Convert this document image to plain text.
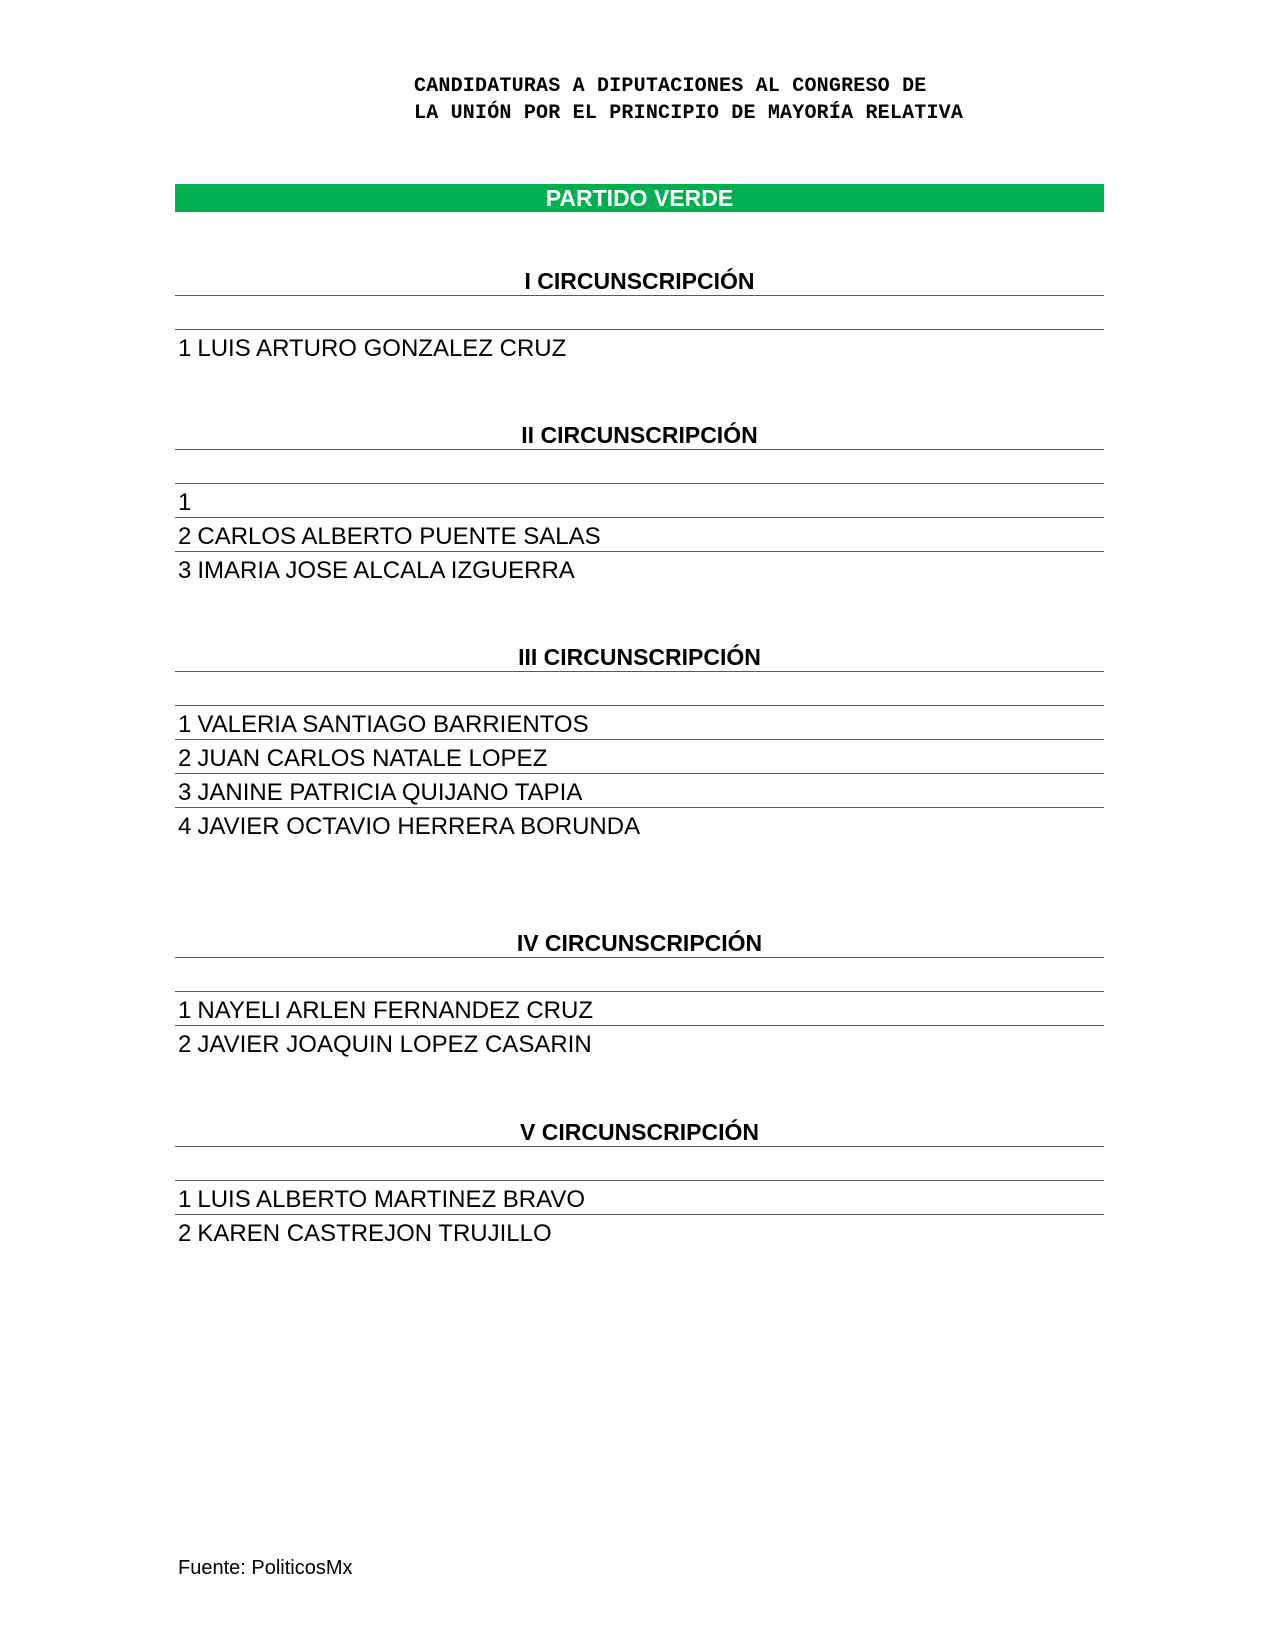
CANDIDATURAS A DIPUTACIONES AL CONGRESO DE
LA UNIÓN POR EL PRINCIPIO DE MAYORÍA RELATIVA
PARTIDO VERDE
I CIRCUNSCRIPCIÓN
1 LUIS ARTURO GONZALEZ CRUZ
II CIRCUNSCRIPCIÓN
1
2 CARLOS ALBERTO PUENTE SALAS
3 IMARIA JOSE ALCALA IZGUERRA
III CIRCUNSCRIPCIÓN
1 VALERIA SANTIAGO BARRIENTOS
2 JUAN CARLOS NATALE LOPEZ
3 JANINE PATRICIA QUIJANO TAPIA
4 JAVIER OCTAVIO HERRERA BORUNDA
IV CIRCUNSCRIPCIÓN
1 NAYELI ARLEN FERNANDEZ CRUZ
2 JAVIER JOAQUIN LOPEZ CASARIN
V CIRCUNSCRIPCIÓN
1 LUIS ALBERTO MARTINEZ BRAVO
2 KAREN CASTREJON TRUJILLO
Fuente: PoliticosMx
